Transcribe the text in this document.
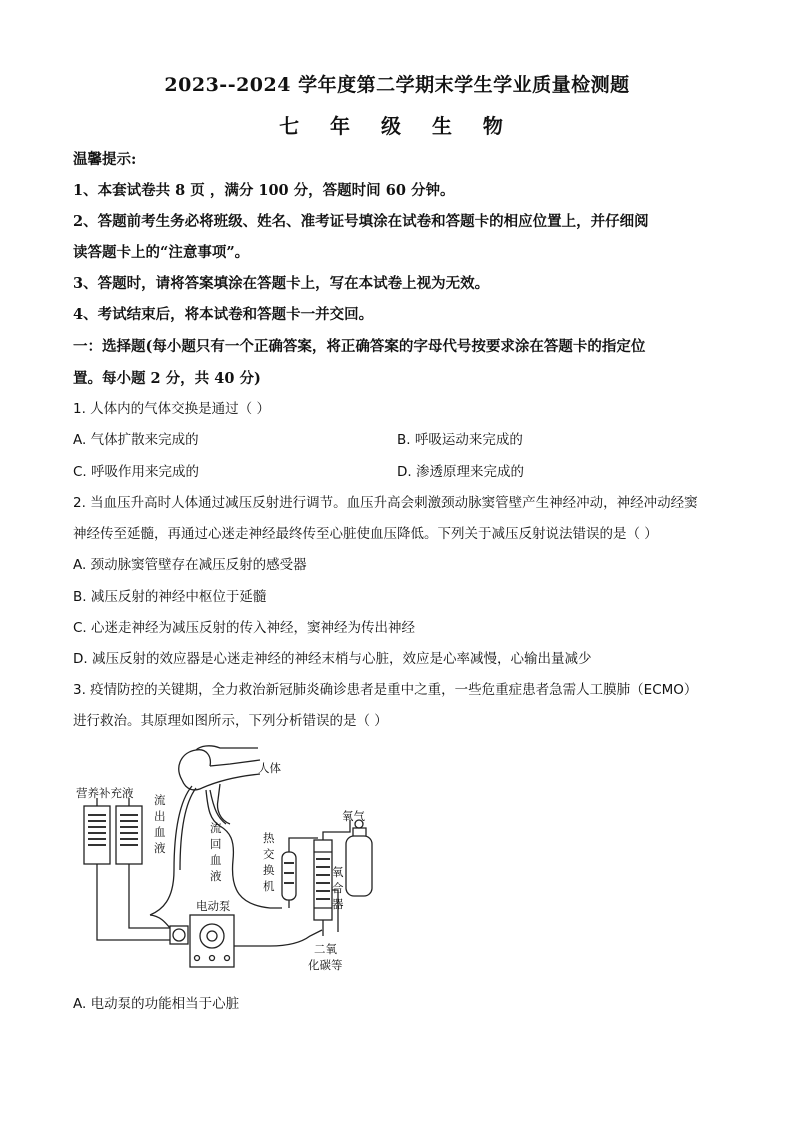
2023--2024 学年度第二学期末学生学业质量检测题
七 年 级 生 物
温馨提示:
1、本套试卷共 8 页 ，满分 100 分，答题时间 60 分钟。
2、答题前考生务必将班级、姓名、准考证号填涂在试卷和答题卡的相应位置上，并仔细阅
读答题卡上的“注意事项”。
3、答题时，请将答案填涂在答题卡上，写在本试卷上视为无效。
4、考试结束后，将本试卷和答题卡一并交回。
一：选择题(每小题只有一个正确答案，将正确答案的字母代号按要求涂在答题卡的指定位
置。每小题 2 分，共 40 分)
1. 人体内的气体交换是通过（ ）
A. 气体扩散来完成的	B. 呼吸运动来完成的
C. 呼吸作用来完成的	D. 渗透原理来完成的
2. 当血压升高时人体通过减压反射进行调节。血压升高会刺激颈动脉窦管壁产生神经冲动，神经冲动经窦
神经传至延髓，再通过心迷走神经最终传至心脏使血压降低。下列关于减压反射说法错误的是（ ）
A. 颈动脉窦管壁存在减压反射的感受器
B. 减压反射的神经中枢位于延髓
C. 心迷走神经为减压反射的传入神经，窦神经为传出神经
D. 减压反射的效应器是心迷走神经的神经末梢与心脏，效应是心率减慢，心输出量减少
3. 疫情防控的关键期，全力救治新冠肺炎确诊患者是重中之重，一些危重症患者急需人工膜肺（ECMO）
进行救治。其原理如图所示，下列分析错误的是（ ）
营养补充液
人体
流
出
血
液
流
回
血
液
热
交
换
机
氧气
氧
合
器
电动泵
二氧
化碳等
A. 电动泵的功能相当于心脏
